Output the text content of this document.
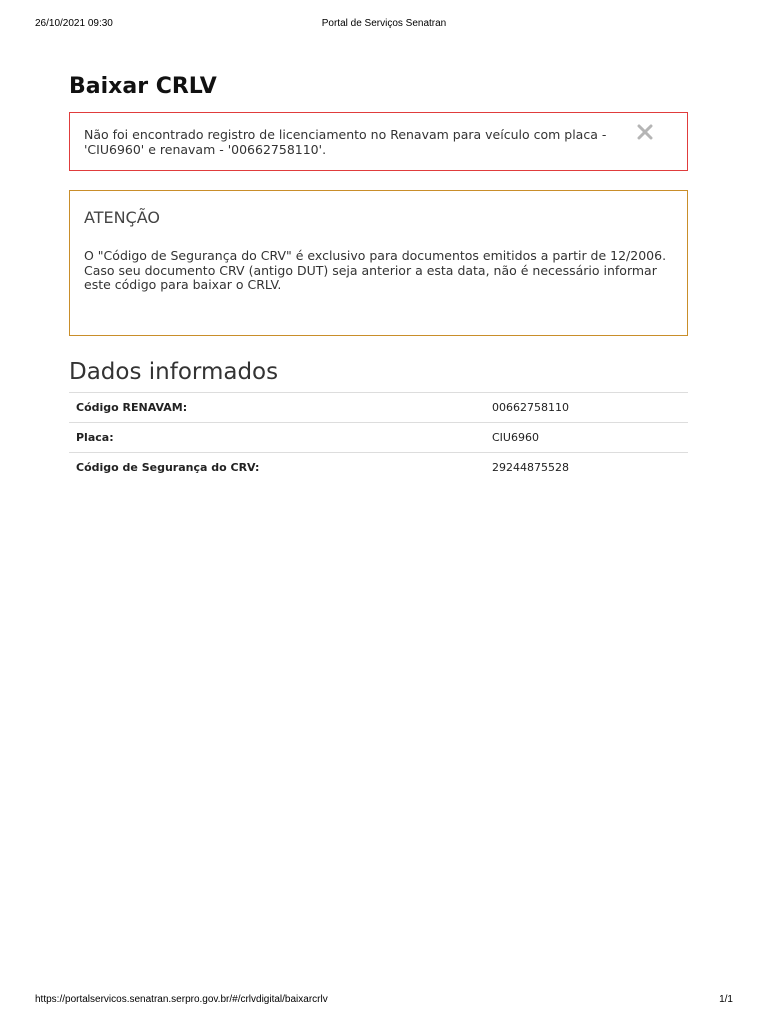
26/10/2021 09:30	Portal de Serviços Senatran
Baixar CRLV
Não foi encontrado registro de licenciamento no Renavam para veículo com placa - 'CIU6960' e renavam - '00662758110'.
ATENÇÃO
O "Código de Segurança do CRV" é exclusivo para documentos emitidos a partir de 12/2006.
Caso seu documento CRV (antigo DUT) seja anterior a esta data, não é necessário informar este código para baixar o CRLV.
Dados informados
Código RENAVAM:	00662758110
Placa:	CIU6960
Código de Segurança do CRV:	29244875528
https://portalservicos.senatran.serpro.gov.br/#/crlvdigital/baixarcrlv	1/1
